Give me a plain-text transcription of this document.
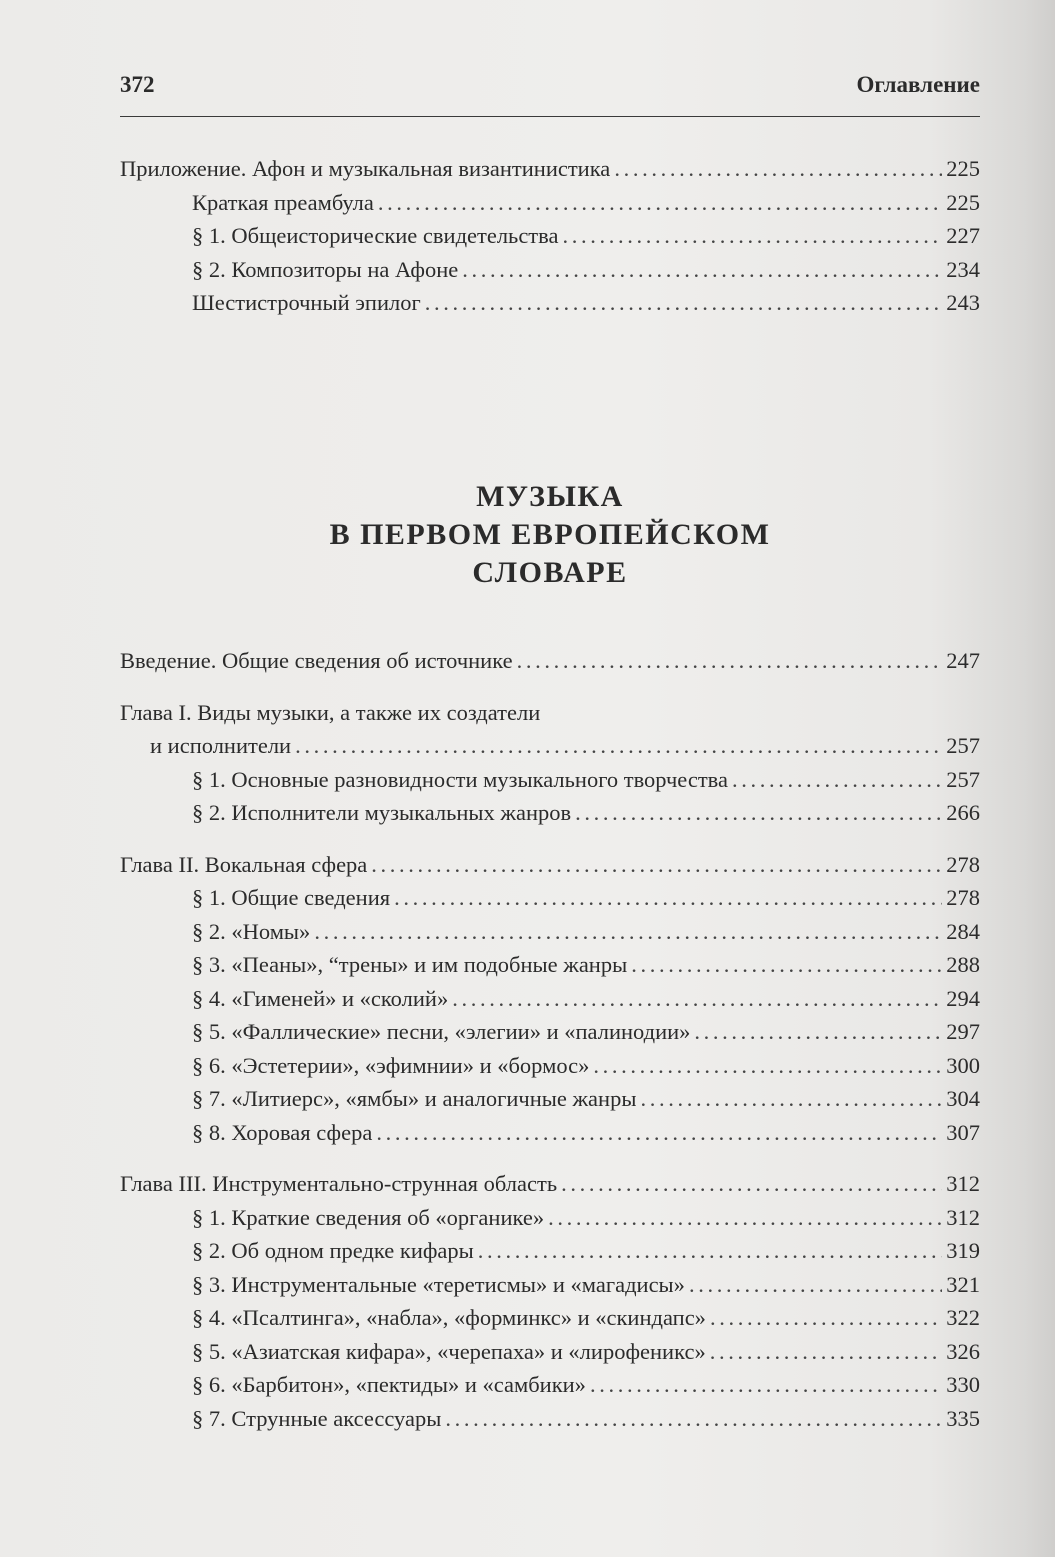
372	Оглавление
Приложение. Афон и музыкальная византинистика . . .	225
Краткая преамбула . . .	225
§ 1. Общеисторические свидетельства . . .	227
§ 2. Композиторы на Афоне . . .	234
Шестистрочный эпилог . . .	243
МУЗЫКА
В ПЕРВОМ ЕВРОПЕЙСКОМ
СЛОВАРЕ
Введение. Общие сведения об источнике . . .	247
Глава I. Виды музыки, а также их создатели
и исполнители . . .	257
§ 1. Основные разновидности музыкального творчества . . .	257
§ 2. Исполнители музыкальных жанров . . .	266
Глава II. Вокальная сфера . . .	278
§ 1. Общие сведения . . .	278
§ 2. «Номы» . . .	284
§ 3. «Пеаны», “трены» и им подобные жанры . . .	288
§ 4. «Гименей» и «сколий» . . .	294
§ 5. «Фаллические» песни, «элегии» и «палинодии» . . .	297
§ 6. «Эстетерии», «эфимнии» и «бормос» . . .	300
§ 7. «Литиерс», «ямбы» и аналогичные жанры . . .	304
§ 8. Хоровая сфера . . .	307
Глава III. Инструментально-струнная область . . .	312
§ 1. Краткие сведения об «органике» . . .	312
§ 2. Об одном предке кифары . . .	319
§ 3. Инструментальные «теретисмы» и «магадисы» . . .	321
§ 4. «Псалтинга», «набла», «форминкс» и «скиндапс» . . .	322
§ 5. «Азиатская кифара», «черепаха» и «лирофеникс» . . .	326
§ 6. «Барбитон», «пектиды» и «самбики» . . .	330
§ 7. Струнные аксессуары . . .	335
